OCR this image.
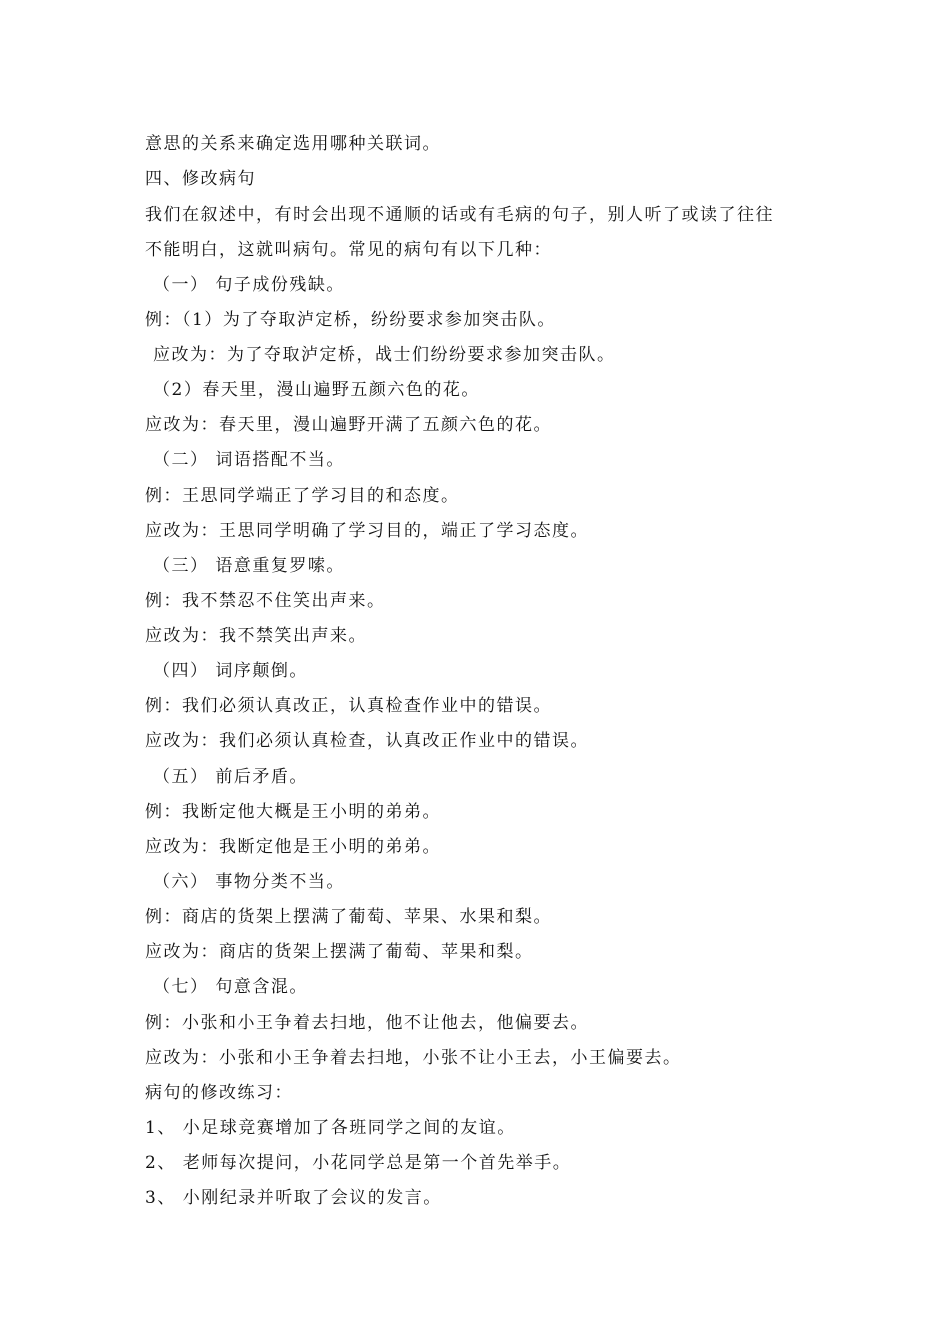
意思的关系来确定选用哪种关联词。
四、修改病句
我们在叙述中，有时会出现不通顺的话或有毛病的句子，别人听了或读了往往
不能明白，这就叫病句。常见的病句有以下几种：
（一） 句子成份残缺。
例：（1）为了夺取泸定桥，纷纷要求参加突击队。
应改为：为了夺取泸定桥，战士们纷纷要求参加突击队。
（2）春天里，漫山遍野五颜六色的花。
应改为：春天里，漫山遍野开满了五颜六色的花。
（二） 词语搭配不当。
例：王思同学端正了学习目的和态度。
应改为：王思同学明确了学习目的，端正了学习态度。
（三） 语意重复罗嗦。
例：我不禁忍不住笑出声来。
应改为：我不禁笑出声来。
（四） 词序颠倒。
例：我们必须认真改正，认真检查作业中的错误。
应改为：我们必须认真检查，认真改正作业中的错误。
（五） 前后矛盾。
例：我断定他大概是王小明的弟弟。
应改为：我断定他是王小明的弟弟。
（六） 事物分类不当。
例：商店的货架上摆满了葡萄、苹果、水果和梨。
应改为：商店的货架上摆满了葡萄、苹果和梨。
（七） 句意含混。
例：小张和小王争着去扫地，他不让他去，他偏要去。
应改为：小张和小王争着去扫地，小张不让小王去，小王偏要去。
病句的修改练习：
1、 小足球竞赛增加了各班同学之间的友谊。
2、 老师每次提问，小花同学总是第一个首先举手。
3、 小刚纪录并听取了会议的发言。
